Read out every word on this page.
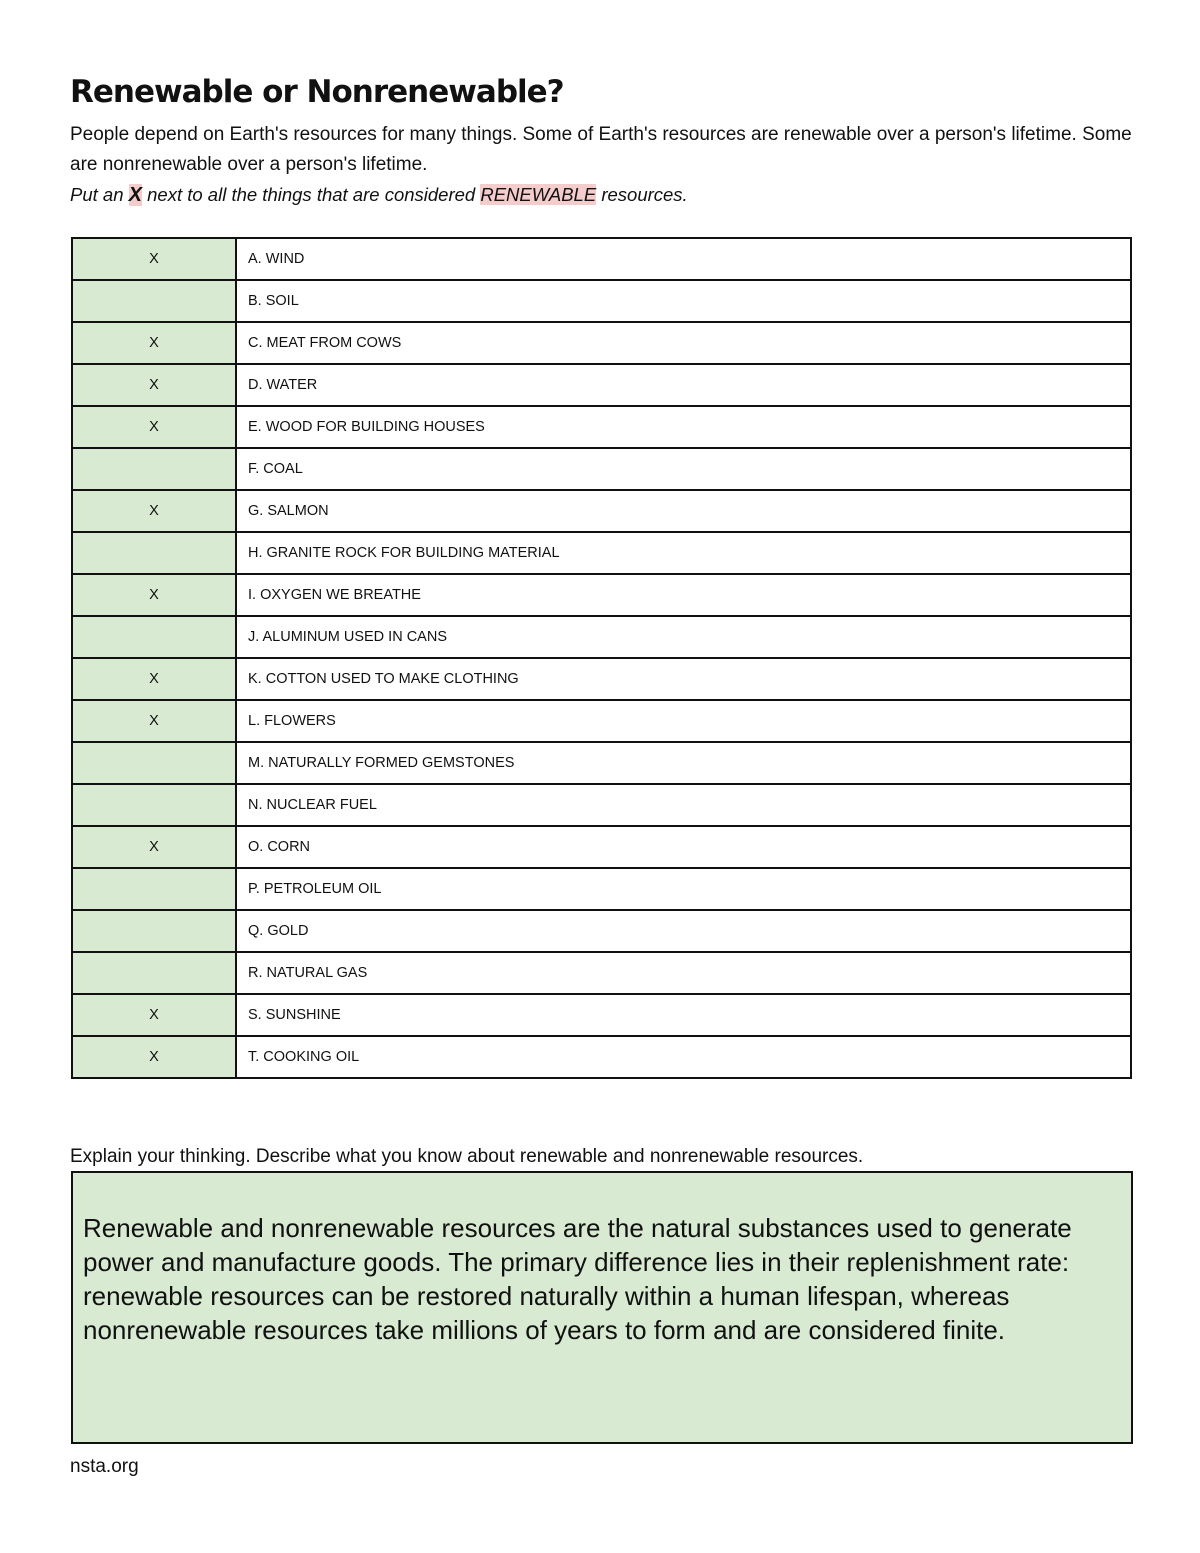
Renewable or Nonrenewable?

People depend on Earth's resources for many things. Some of Earth's resources are renewable over a person's lifetime. Some are nonrenewable over a person's lifetime.

Put an X next to all the things that are considered RENEWABLE resources.

X	A. WIND
	B. SOIL
X	C. MEAT FROM COWS
X	D. WATER
X	E. WOOD FOR BUILDING HOUSES
	F. COAL
X	G. SALMON
	H. GRANITE ROCK FOR BUILDING MATERIAL
X	I. OXYGEN WE BREATHE
	J. ALUMINUM USED IN CANS
X	K. COTTON USED TO MAKE CLOTHING
X	L. FLOWERS
	M. NATURALLY FORMED GEMSTONES
	N. NUCLEAR FUEL
X	O. CORN
	P. PETROLEUM OIL
	Q. GOLD
	R. NATURAL GAS
X	S. SUNSHINE
X	T. COOKING OIL
Explain your thinking. Describe what you know about renewable and nonrenewable resources.

Renewable and nonrenewable resources are the natural substances used to generate power and manufacture goods. The primary difference lies in their replenishment rate: renewable resources can be restored naturally within a human lifespan, whereas nonrenewable resources take millions of years to form and are considered finite.

nsta.org
